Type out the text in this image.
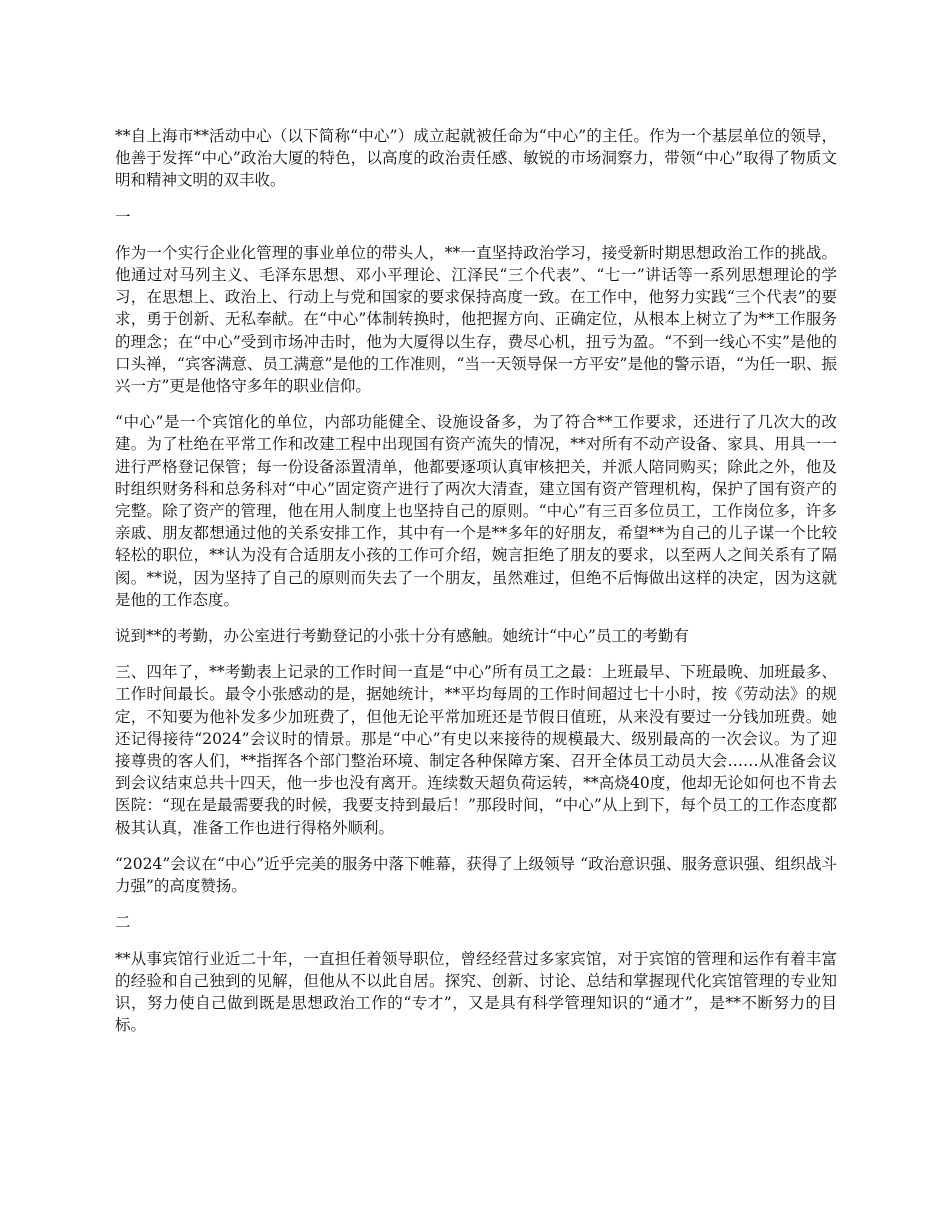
**自上海市**活动中心（以下简称“中心”）成立起就被任命为“中心”的主任。作为一个基层单位的领导，他善于发挥“中心”政治大厦的特色，以高度的政治责任感、敏锐的市场洞察力，带领“中心”取得了物质文明和精神文明的双丰收。

一

作为一个实行企业化管理的事业单位的带头人，**一直坚持政治学习，接受新时期思想政治工作的挑战。他通过对马列主义、毛泽东思想、邓小平理论、江泽民“三个代表”、“七一”讲话等一系列思想理论的学习，在思想上、政治上、行动上与党和国家的要求保持高度一致。在工作中，他努力实践“三个代表”的要求，勇于创新、无私奉献。在“中心”体制转换时，他把握方向、正确定位，从根本上树立了为**工作服务的理念；在“中心”受到市场冲击时，他为大厦得以生存，费尽心机，扭亏为盈。“不到一线心不实”是他的口头禅，“宾客满意、员工满意”是他的工作准则，“当一天领导保一方平安”是他的警示语，“为任一职、振兴一方”更是他恪守多年的职业信仰。

“中心”是一个宾馆化的单位，内部功能健全、设施设备多，为了符合**工作要求，还进行了几次大的改建。为了杜绝在平常工作和改建工程中出现国有资产流失的情况，**对所有不动产设备、家具、用具一一进行严格登记保管；每一份设备添置清单，他都要逐项认真审核把关，并派人陪同购买；除此之外，他及时组织财务科和总务科对“中心”固定资产进行了两次大清查，建立国有资产管理机构，保护了国有资产的完整。除了资产的管理，他在用人制度上也坚持自己的原则。“中心”有三百多位员工，工作岗位多，许多亲戚、朋友都想通过他的关系安排工作，其中有一个是**多年的好朋友，希望**为自己的儿子谋一个比较轻松的职位，**认为没有合适朋友小孩的工作可介绍，婉言拒绝了朋友的要求，以至两人之间关系有了隔阂。**说，因为坚持了自己的原则而失去了一个朋友，虽然难过，但绝不后悔做出这样的决定，因为这就是他的工作态度。

说到**的考勤，办公室进行考勤登记的小张十分有感触。她统计“中心”员工的考勤有

三、四年了，**考勤表上记录的工作时间一直是“中心”所有员工之最：上班最早、下班最晚、加班最多、工作时间最长。最令小张感动的是，据她统计，**平均每周的工作时间超过七十小时，按《劳动法》的规定，不知要为他补发多少加班费了，但他无论平常加班还是节假日值班，从来没有要过一分钱加班费。她还记得接待“2024”会议时的情景。那是“中心”有史以来接待的规模最大、级别最高的一次会议。为了迎接尊贵的客人们，**指挥各个部门整治环境、制定各种保障方案、召开全体员工动员大会……从准备会议到会议结束总共十四天，他一步也没有离开。连续数天超负荷运转，**高烧40度，他却无论如何也不肯去医院：“现在是最需要我的时候，我要支持到最后！”那段时间，“中心”从上到下，每个员工的工作态度都极其认真，准备工作也进行得格外顺利。

“2024”会议在“中心”近乎完美的服务中落下帷幕，获得了上级领导 “政治意识强、服务意识强、组织战斗力强”的高度赞扬。

二

**从事宾馆行业近二十年，一直担任着领导职位，曾经经营过多家宾馆，对于宾馆的管理和运作有着丰富的经验和自己独到的见解，但他从不以此自居。探究、创新、讨论、总结和掌握现代化宾馆管理的专业知识，努力使自己做到既是思想政治工作的“专才”，又是具有科学管理知识的“通才”，是**不断努力的目标。
